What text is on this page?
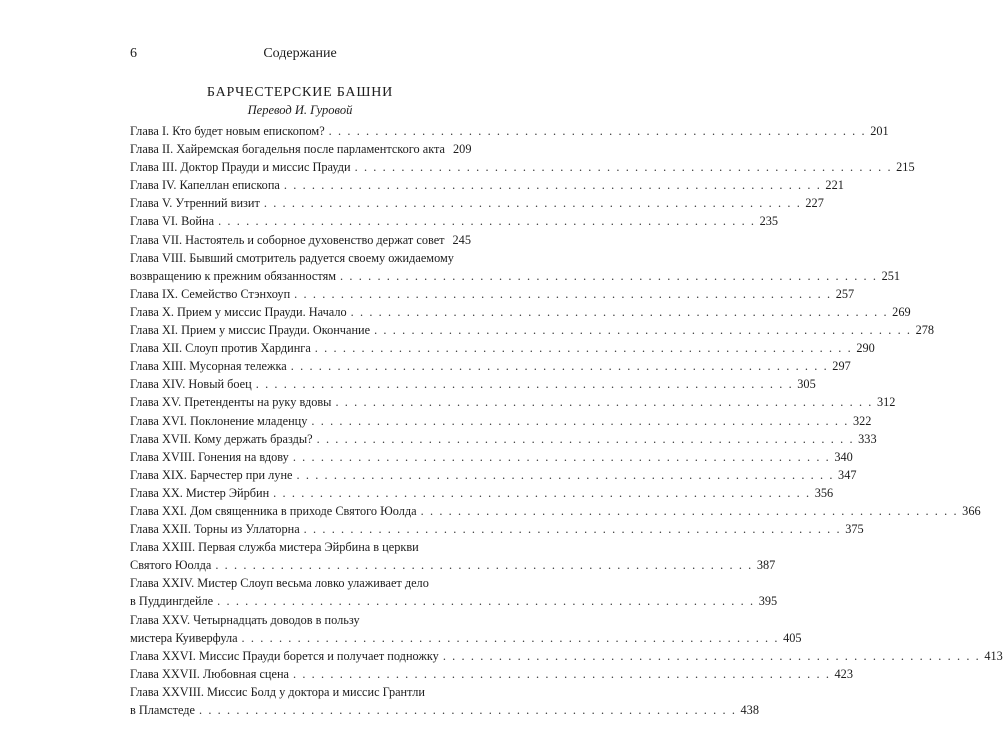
6	Содержание
БАРЧЕСТЕРСКИЕ БАШНИ
Перевод И. Гуровой
Глава I. Кто будет новым епископом? . . . . . . . . . . . . . . . . . . . . . . . . . . . . . . . . . . . . . . . . . . . . . . . . . . . . . . . . . . 201
Глава II. Хайремская богадельня после парламентского акта 209
Глава III. Доктор Прауди и миссис Прауди . . . . . . . . . . . . . . . . . . . . . . . . . . . . . . . . . . . . . . . . . . . . . . . . . . . . . . . . . . 215
Глава IV. Капеллан епископа . . . . . . . . . . . . . . . . . . . . . . . . . . . . . . . . . . . . . . . . . . . . . . . . . . . . . . . . . . 221
Глава V. Утренний визит . . . . . . . . . . . . . . . . . . . . . . . . . . . . . . . . . . . . . . . . . . . . . . . . . . . . . . . . . . 227
Глава VI. Война . . . . . . . . . . . . . . . . . . . . . . . . . . . . . . . . . . . . . . . . . . . . . . . . . . . . . . . . . . 235
Глава VII. Настоятель и соборное духовенство держат совет 245
Глава VIII. Бывший смотритель радуется своему ожидаемому
возвращению к прежним обязанностям . . . . . . . . . . . . . . . . . . . . . . . . . . . . . . . . . . . . . . . . . . . . . . . . . . . . . . . . . . 251
Глава IX. Семейство Стэнхоуп . . . . . . . . . . . . . . . . . . . . . . . . . . . . . . . . . . . . . . . . . . . . . . . . . . . . . . . . . . 257
Глава X. Прием у миссис Прауди. Начало . . . . . . . . . . . . . . . . . . . . . . . . . . . . . . . . . . . . . . . . . . . . . . . . . . . . . . . . . . 269
Глава XI. Прием у миссис Прауди. Окончание . . . . . . . . . . . . . . . . . . . . . . . . . . . . . . . . . . . . . . . . . . . . . . . . . . . . . . . . . . 278
Глава XII. Слоуп против Хардинга . . . . . . . . . . . . . . . . . . . . . . . . . . . . . . . . . . . . . . . . . . . . . . . . . . . . . . . . . . 290
Глава XIII. Мусорная тележка . . . . . . . . . . . . . . . . . . . . . . . . . . . . . . . . . . . . . . . . . . . . . . . . . . . . . . . . . . 297
Глава XIV. Новый боец . . . . . . . . . . . . . . . . . . . . . . . . . . . . . . . . . . . . . . . . . . . . . . . . . . . . . . . . . . 305
Глава XV. Претенденты на руку вдовы . . . . . . . . . . . . . . . . . . . . . . . . . . . . . . . . . . . . . . . . . . . . . . . . . . . . . . . . . . 312
Глава XVI. Поклонение младенцу . . . . . . . . . . . . . . . . . . . . . . . . . . . . . . . . . . . . . . . . . . . . . . . . . . . . . . . . . . 322
Глава XVII. Кому держать бразды? . . . . . . . . . . . . . . . . . . . . . . . . . . . . . . . . . . . . . . . . . . . . . . . . . . . . . . . . . . 333
Глава XVIII. Гонения на вдову . . . . . . . . . . . . . . . . . . . . . . . . . . . . . . . . . . . . . . . . . . . . . . . . . . . . . . . . . . 340
Глава XIX. Барчестер при луне . . . . . . . . . . . . . . . . . . . . . . . . . . . . . . . . . . . . . . . . . . . . . . . . . . . . . . . . . . 347
Глава XX. Мистер Эйрбин . . . . . . . . . . . . . . . . . . . . . . . . . . . . . . . . . . . . . . . . . . . . . . . . . . . . . . . . . . 356
Глава XXI. Дом священника в приходе Святого Юолда . . . . . . . . . . . . . . . . . . . . . . . . . . . . . . . . . . . . . . . . . . . . . . . . . . . . . . . . . . 366
Глава XXII. Торны из Уллаторна . . . . . . . . . . . . . . . . . . . . . . . . . . . . . . . . . . . . . . . . . . . . . . . . . . . . . . . . . . 375
Глава XXIII. Первая служба мистера Эйрбина в церкви
Святого Юолда . . . . . . . . . . . . . . . . . . . . . . . . . . . . . . . . . . . . . . . . . . . . . . . . . . . . . . . . . . 387
Глава XXIV. Мистер Слоуп весьма ловко улаживает дело
в Пуддингдейле . . . . . . . . . . . . . . . . . . . . . . . . . . . . . . . . . . . . . . . . . . . . . . . . . . . . . . . . . . 395
Глава XXV. Четырнадцать доводов в пользу
мистера Куиверфула . . . . . . . . . . . . . . . . . . . . . . . . . . . . . . . . . . . . . . . . . . . . . . . . . . . . . . . . . . 405
Глава XXVI. Миссис Прауди борется и получает подножку . . . . . . . . . . . . . . . . . . . . . . . . . . . . . . . . . . . . . . . . . . . . . . . . . . . . . . . . . . 413
Глава XXVII. Любовная сцена . . . . . . . . . . . . . . . . . . . . . . . . . . . . . . . . . . . . . . . . . . . . . . . . . . . . . . . . . . 423
Глава XXVIII. Миссис Болд у доктора и миссис Грантли
в Пламстеде . . . . . . . . . . . . . . . . . . . . . . . . . . . . . . . . . . . . . . . . . . . . . . . . . . . . . . . . . . 438
